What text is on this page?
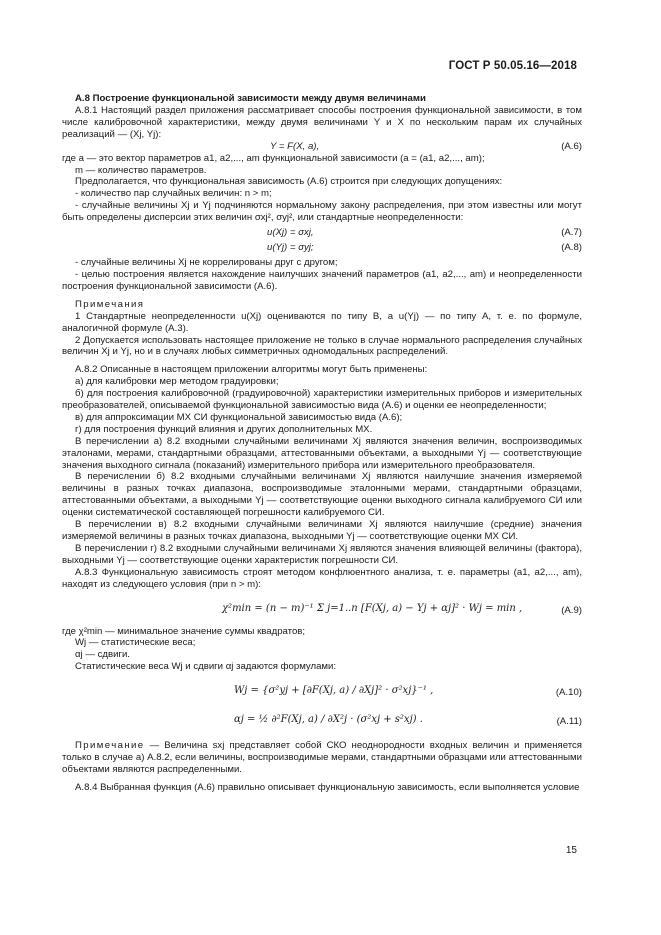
ГОСТ Р 50.05.16—2018

А.8 Построение функциональной зависимости между двумя величинами

А.8.1 Настоящий раздел приложения рассматривает способы построения функциональной зависимости, в том числе калибровочной характеристики, между двумя величинами Y и X по нескольким парам их случайных реализаций — (Xj, Yj):

Y = F(X, a),	(А.6)

где a — это вектор параметров a1, a2,..., am функциональной зависимости (a = (a1, a2,..., am);

m — количество параметров.

Предполагается, что функциональная зависимость (А.6) строится при следующих допущениях:

- количество пар случайных величин: n > m;

- случайные величины Xj и Yj подчиняются нормальному закону распределения, при этом известны или могут быть определены дисперсии этих величин σxj², σyj², или стандартные неопределенности:

u(Xj) = σxj,	(А.7)
u(Yj) = σyj;	(А.8)

- случайные величины Xj не коррелированы друг с другом;

- целью построения является нахождение наилучших значений параметров (a1, a2,..., am) и неопределенности построения функциональной зависимости (А.6).

Примечания

1 Стандартные неопределенности u(Xj) оцениваются по типу В, а u(Yj) — по типу А, т. е. по формуле, аналогичной формуле (А.3).

2 Допускается использовать настоящее приложение не только в случае нормального распределения случайных величин Xj и Yj, но и в случаях любых симметричных одномодальных распределений.

А.8.2 Описанные в настоящем приложении алгоритмы могут быть применены:

а) для калибровки мер методом градуировки;

б) для построения калибровочной (градуировочной) характеристики измерительных приборов и измерительных преобразователей, описываемой функциональной зависимостью вида (А.6) и оценки ее неопределенности;

в) для аппроксимации МХ СИ функциональной зависимостью вида (А.6);

г) для построения функций влияния и других дополнительных МХ.

В перечислении а) 8.2 входными случайными величинами Xj являются значения величин, воспроизводимых эталонами, мерами, стандартными образцами, аттестованными объектами, а выходными Yj — соответствующие значения выходного сигнала (показаний) измерительного прибора или измерительного преобразователя.

В перечислении б) 8.2 входными случайными величинами Xj являются наилучшие значения измеряемой величины в разных точках диапазона, воспроизводимые эталонными мерами, стандартными образцами, аттестованными объектами, а выходными Yj — соответствующие оценки выходного сигнала калибруемого СИ или оценки систематической составляющей погрешности калибруемого СИ.

В перечислении в) 8.2 входными случайными величинами Xj являются наилучшие (средние) значения измеряемой величины в разных точках диапазона, выходными Yj — соответствующие оценки МХ СИ.

В перечислении г) 8.2 входными случайными величинами Xj являются значения влияющей величины (фактора), выходными Yj — соответствующие оценки характеристик погрешности СИ.

А.8.3 Функциональную зависимость строят методом конфлюентного анализа, т. е. параметры (a1, a2,..., am), находят из следующего условия (при n > m):

χ²min = (n − m)⁻¹ Σ j=1..n [F(Xj, a) − Yj + αj]² · Wj = min ,	(А.9)

где χ²min — минимальное значение суммы квадратов;

Wj — статистические веса;

αj — сдвиги.

Статистические веса Wj и сдвиги αj задаются формулами:

Wj = {σ²yj + [∂F(Xj, a) / ∂Xj]² · σ²xj}⁻¹ ,	(А.10)
αj = ½ ∂²F(Xj, a) / ∂X²j · (σ²xj + s²xj) .	(А.11)

Примечание — Величина sxj представляет собой СКО неоднородности входных величин и применяется только в случае а) А.8.2, если величины, воспроизводимые мерами, стандартными образцами или аттестованными объектами являются распределенными.

А.8.4 Выбранная функция (А.6) правильно описывает функциональную зависимость, если выполняется условие

15
